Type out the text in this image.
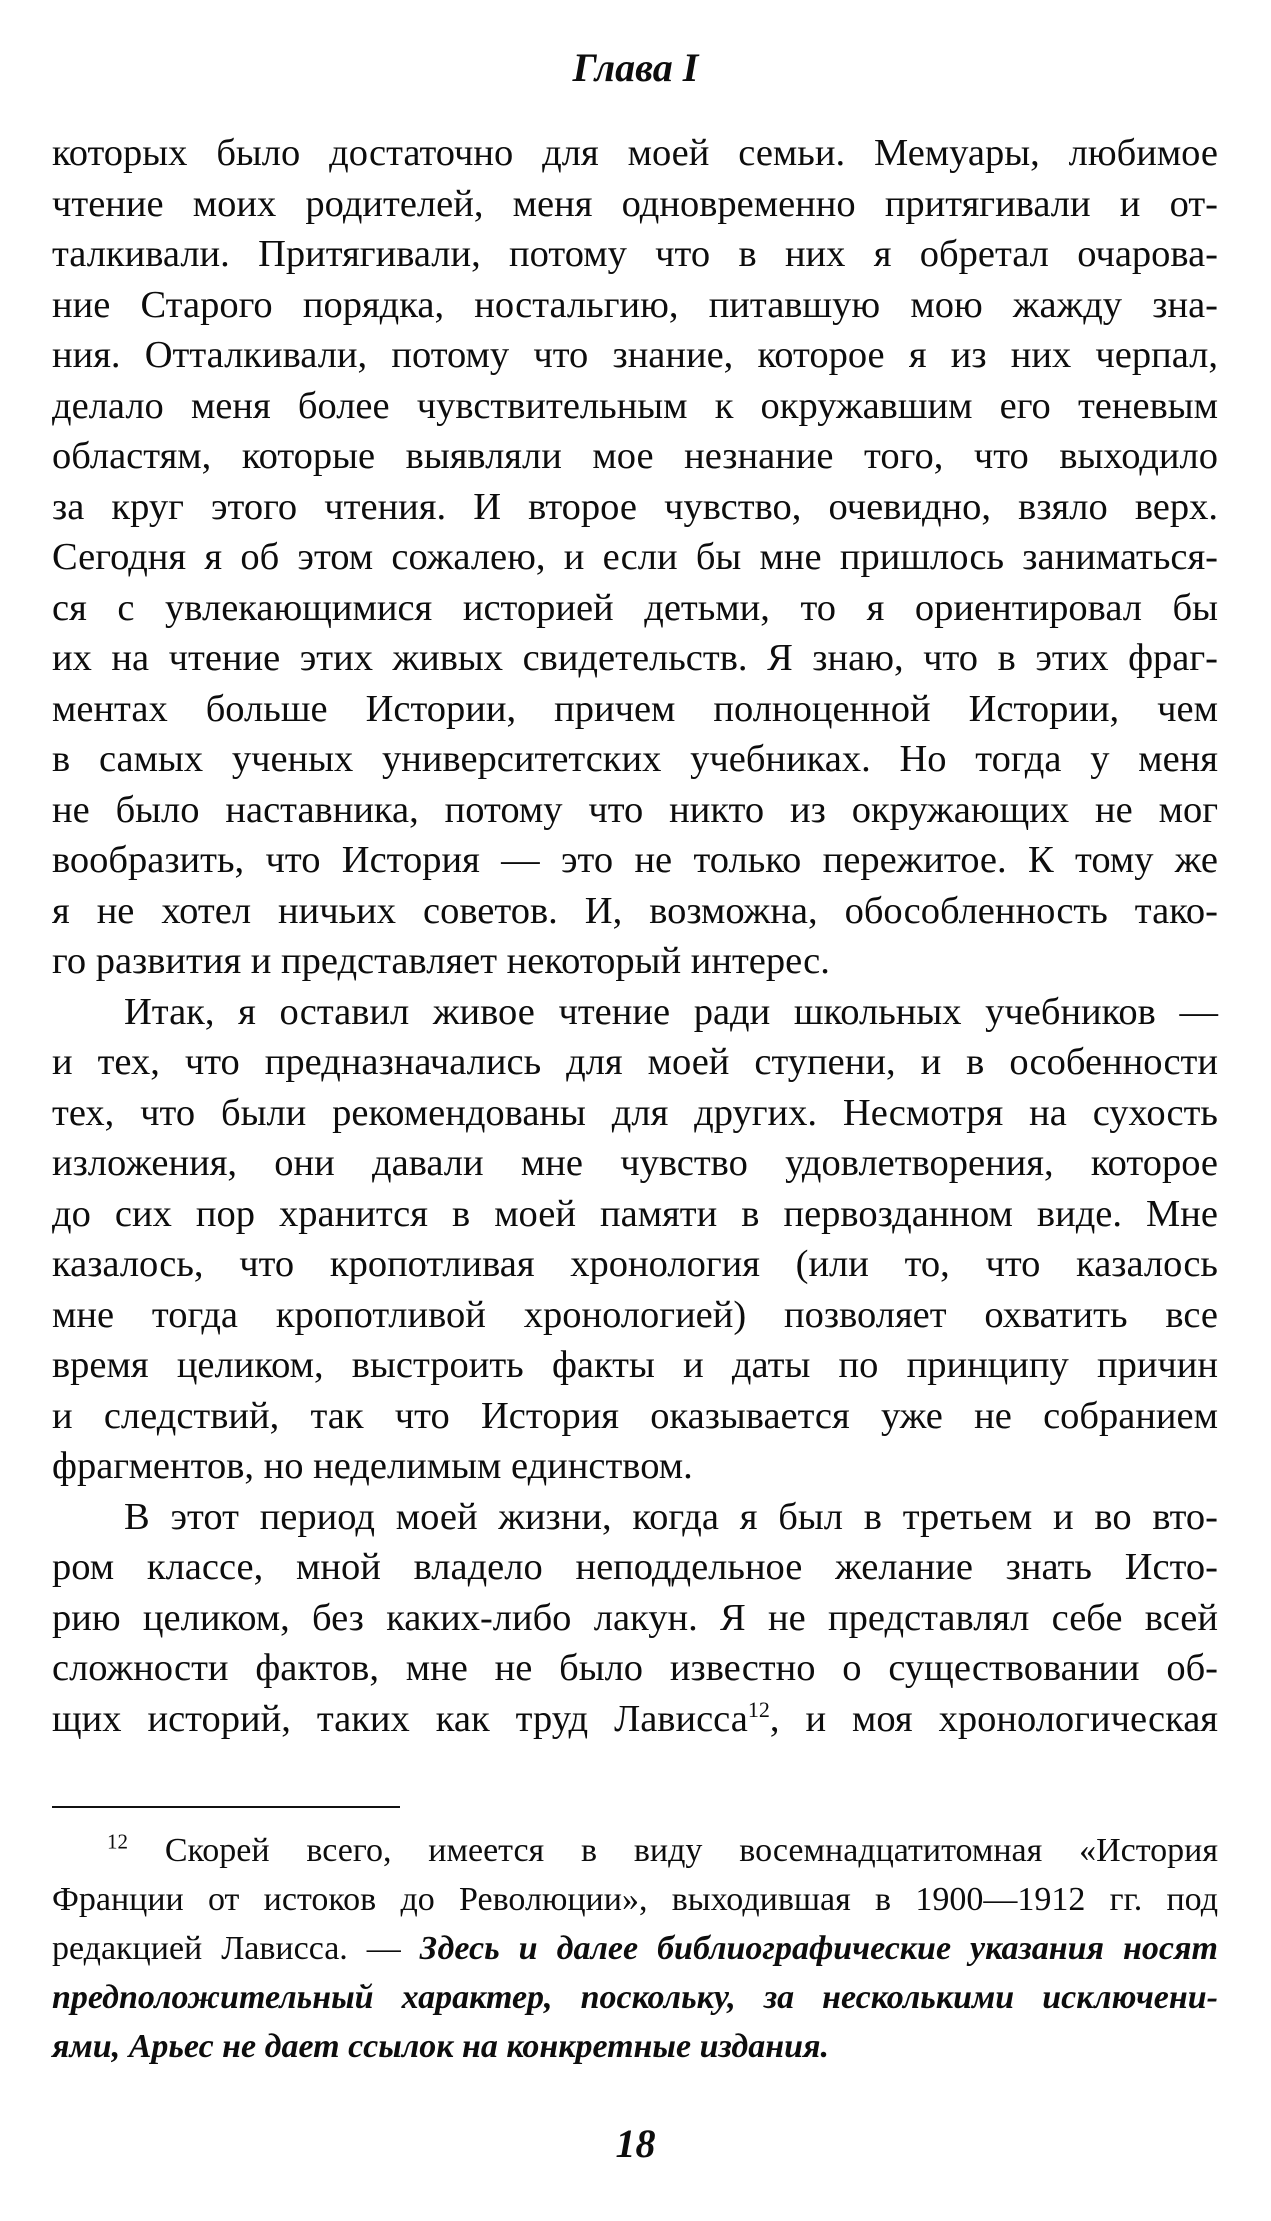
Глава I
которых было достаточно для моей семьи. Мемуары, любимое
чтение моих родителей, меня одновременно притягивали и от-
талкивали. Притягивали, потому что в них я обретал очарова-
ние Старого порядка, ностальгию, питавшую мою жажду зна-
ния. Отталкивали, потому что знание, которое я из них черпал,
делало меня более чувствительным к окружавшим его теневым
областям, которые выявляли мое незнание того, что выходило
за круг этого чтения. И второе чувство, очевидно, взяло верх.
Сегодня я об этом сожалею, и если бы мне пришлось заниматься-
ся с увлекающимися историей детьми, то я ориентировал бы
их на чтение этих живых свидетельств. Я знаю, что в этих фраг-
ментах больше Истории, причем полноценной Истории, чем
в самых ученых университетских учебниках. Но тогда у меня
не было наставника, потому что никто из окружающих не мог
вообразить, что История — это не только пережитое. К тому же
я не хотел ничьих советов. И, возможна, обособленность тако-
го развития и представляет некоторый интерес.
Итак, я оставил живое чтение ради школьных учебников —
и тех, что предназначались для моей ступени, и в особенности
тех, что были рекомендованы для других. Несмотря на сухость
изложения, они давали мне чувство удовлетворения, которое
до сих пор хранится в моей памяти в первозданном виде. Мне
казалось, что кропотливая хронология (или то, что казалось
мне тогда кропотливой хронологией) позволяет охватить все
время целиком, выстроить факты и даты по принципу причин
и следствий, так что История оказывается уже не собранием
фрагментов, но неделимым единством.
В этот период моей жизни, когда я был в третьем и во вто-
ром классе, мной владело неподдельное желание знать Исто-
рию целиком, без каких-либо лакун. Я не представлял себе всей
сложности фактов, мне не было известно о существовании об-
щих историй, таких как труд Лависса$^{12}$, и моя хронологическая
$^{12}$ Скорей всего, имеется в виду восемнадцатитомная «История
Франции от истоков до Революции», выходившая в 1900—1912 гг. под
редакцией Лависса. — Здесь и далее библиографические указания носят
предположительный характер, поскольку, за несколькими исключени-
ями, Арьес не дает ссылок на конкретные издания.
18
